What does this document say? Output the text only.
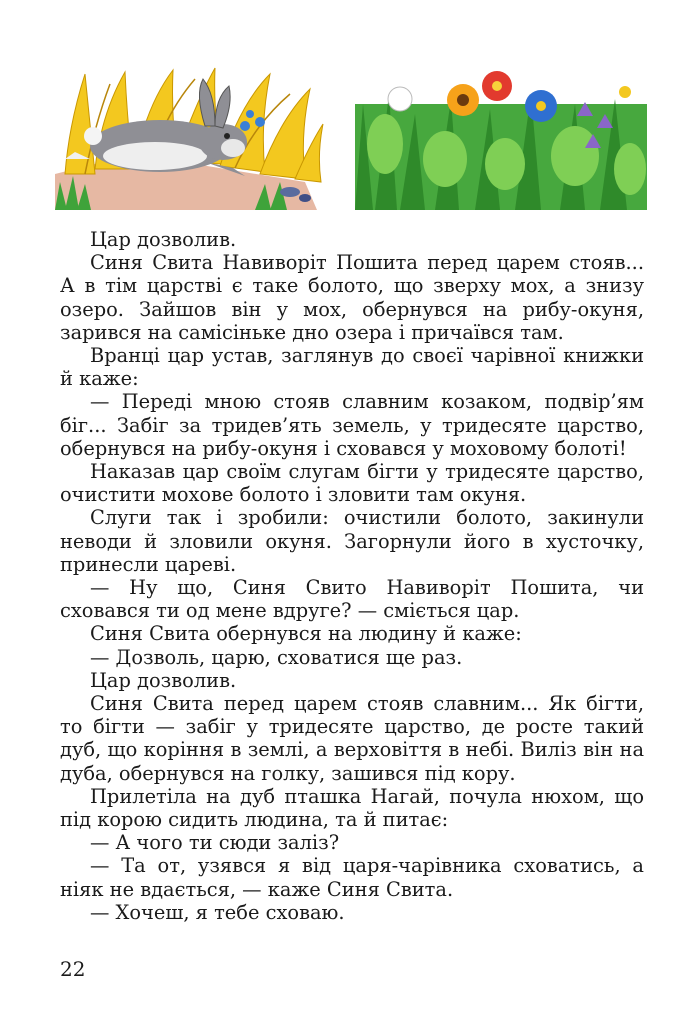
Цар дозволив.

Синя Свита Навиворіт Пошита перед царем стояв... А в тім царстві є таке болото, що зверху мох, а знизу озеро. Зайшов він у мох, обернувся на рибу-окуня, зарився на самісіньке дно озера і причаївся там.

Вранці цар устав, заглянув до своєї чарівної книжки й каже:

— Переді мною стояв славним козаком, подвір’ям біг... Забіг за тридев’ять земель, у тридесяте царство, обернувся на рибу-окуня і сховався у моховому болоті!

Наказав цар своїм слугам бігти у тридесяте царство, очистити мохове болото і зловити там окуня.

Слуги так і зробили: очистили болото, закинули неводи й зловили окуня. Загорнули його в хусточку, принесли цареві.

— Ну що, Синя Свито Навиворіт Пошита, чи сховався ти од мене вдруге? — сміється цар.

Синя Свита обернувся на людину й каже:

— Дозволь, царю, сховатися ще раз.

Цар дозволив.

Синя Свита перед царем стояв славним... Як бігти, то бігти — забіг у тридесяте царство, де росте такий дуб, що коріння в землі, а верховіття в небі. Виліз він на дуба, обернувся на голку, зашився під кору.

Прилетіла на дуб пташка Нагай, почула нюхом, що під корою сидить людина, та й питає:

— А чого ти сюди заліз?

— Та от, узявся я від царя-чарівника сховатись, а ніяк не вдається, — каже Синя Свита.

— Хочеш, я тебе сховаю.

22
